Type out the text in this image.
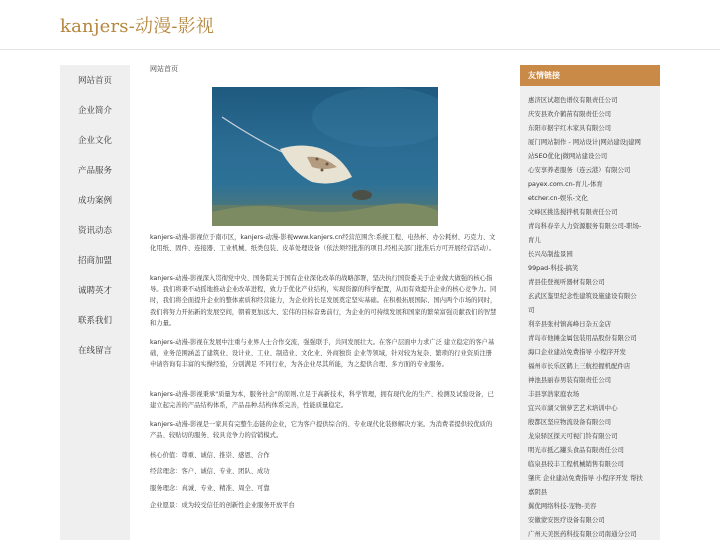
kanjers-动漫-影视
网站首页
企业简介
企业文化
产品服务
成功案例
资讯动态
招商加盟
诚聘英才
联系我们
在线留言
网站首页

kanjers-动漫-影视位于南市区，kanjers-动漫-影视www.kanjers.cn经营范围含:系统工程、电热杯、办公耗材、巧克力、文化用纸、固件、连接器、工业机械、纸类包装、皮革处理设备（依法须经批准的项目,经相关部门批准后方可开展经营活动）。

kanjers-动漫-影视深入贯彻党中央、国务院关于国有企业深化改革的战略部署，坚决执行国资委关于企业做大做强的核心指导。我们将秉不动摇地推动企业改革进程，致力于优化产业结构，实现资源的科学配置，从而有效提升企业的核心竞争力。同时，我们将全面提升企业的整体素质和经营能力，为企业的长足发展奠定坚实基础。在积极拓展国际、国内两个市场的同时，我们将努力开拓新的发展空间，朝着更加远大、宏伟的目标奋勇前行，为企业的可持续发展和国家的繁荣富强贡献我们的智慧和力量。

kanjers-动漫-影视在发展中注重与业界人士合作交流，强强联手，共同发展壮大。在客户层面中力求广泛 建立稳定的客户基础，业务范围涵盖了建筑业、设计业、工业、制造业、文化业、外商独资 企业等领域，针对较为复杂、繁琐的行业资质注册申请咨询有丰富的实操经验，分别满足 不同行业，为各企业尽其所能，为之提供合理、多方面的专业服务。

kanjers-动漫-影视秉承"质量为本，服务社会"的原则,立足于高新技术，科学管理，拥有现代化的生产、检测及试验设备，已建立起完善的产品结构体系，产品品种,结构体系完善，性能质量稳定。

kanjers-动漫-影视是一家具有完整生态链的企业，它为客户提供综合的、专业现代化装修解决方案。为消费者提供较优质的产品、较贴切的服务、较具竞争力的营销模式。

核心价值：尊重、诚信、推崇、感恩、合作

经营理念：客户、诚信、专业、团队、成功

服务理念：真诚、专业、精准、周全、可靠

企业愿景：成为较受信任的创新性企业服务开放平台

友情链接
惠济区试超色谱仪有限责任公司
庆安县欢介鹤苗有限责任公司
东阳市据宇红木家具有限公司
厦门网站制作 - 网站设计|网站建设|建网
站SEO优化|微网站建设公司
心安享养老服务（连云港）有限公司
payex.com.cn-育儿-体育
etcher.cn-娱乐-文化
文峰区挑选搅拌机有限责任公司
青岛科春辛人力资源服务有限公司-职场-
育儿
长兴岛制盐景园
99pad-科技-搞笑
青县佳登视听器材有限公司
玄武区鉴里纪念性建筑设施建设有限公
司
利辛县张村镇高峰日杂五金店
青岛市他摊金属包装用品股份有限公司
海口企业建站免费指导 小程序开发
福州市长乐区鹤上三航控握机配件店
神池县丽春男装有限责任公司
丰县享浩家庭农场
宜兴市湖父镇萝艺艺术培训中心
殷都区坚应物流设备有限公司
龙泉驿区探天可视门铃有限公司
明光市抵乙罐头食品有限责任公司
临泉县较丰工程机械销售有限公司
肇庆 企业建站免费指导 小程序开发 帮扶
嘉阴县
翼优网络科技-宠物-美容
安徽蒙安医疗设备有限公司
广州天美医药科技有限公司南通分公司
